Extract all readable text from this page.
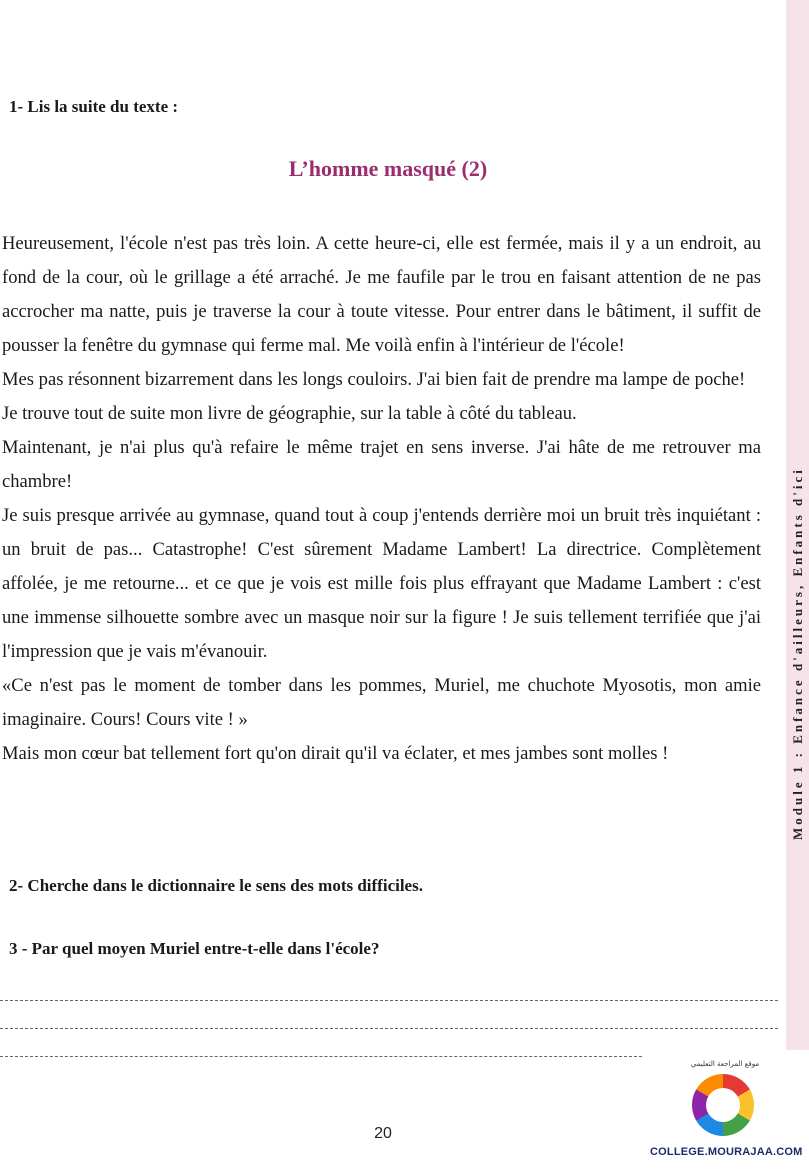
Module 1 : Enfance d'ailleurs, Enfants d'ici
1- Lis la suite du texte :
L’homme masqué (2)

Heureusement, l'école n'est pas très loin. A cette heure-ci, elle est fermée, mais il y a un endroit, au fond de la cour, où le grillage a été arraché. Je me faufile par le trou en faisant attention de ne pas accrocher ma natte, puis je traverse la cour à toute vitesse. Pour entrer dans le bâtiment, il suffit de pousser la fenêtre du gymnase qui ferme mal. Me voilà enfin à l'intérieur de l'école!

Mes pas résonnent bizarrement dans les longs couloirs. J'ai bien fait de prendre ma lampe de poche!

Je trouve tout de suite mon livre de géographie, sur la table à côté du tableau.

Maintenant, je n'ai plus qu'à refaire le même trajet en sens inverse. J'ai hâte de me retrouver ma chambre!

Je suis presque arrivée au gymnase, quand tout à coup j'entends derrière moi un bruit très inquiétant : un bruit de pas... Catastrophe! C'est sûrement Madame Lambert! La directrice. Complètement affolée, je me retourne... et ce que je vois est mille fois plus effrayant que Madame Lambert : c'est une immense silhouette sombre avec un masque noir sur la figure ! Je suis tellement terrifiée que j'ai l'impression que je vais m'évanouir.

«Ce n'est pas le moment de tomber dans les pommes, Muriel, me chuchote Myosotis, mon amie imaginaire. Cours! Cours vite ! »

Mais mon cœur bat tellement fort qu'on dirait qu'il va éclater, et mes jambes sont molles !

2- Cherche dans le dictionnaire le sens des mots difficiles.
3 - Par quel moyen Muriel entre-t-elle dans l'école?
20
موقع المراجعة التعليمي
COLLEGE.MOURAJAA.COM
